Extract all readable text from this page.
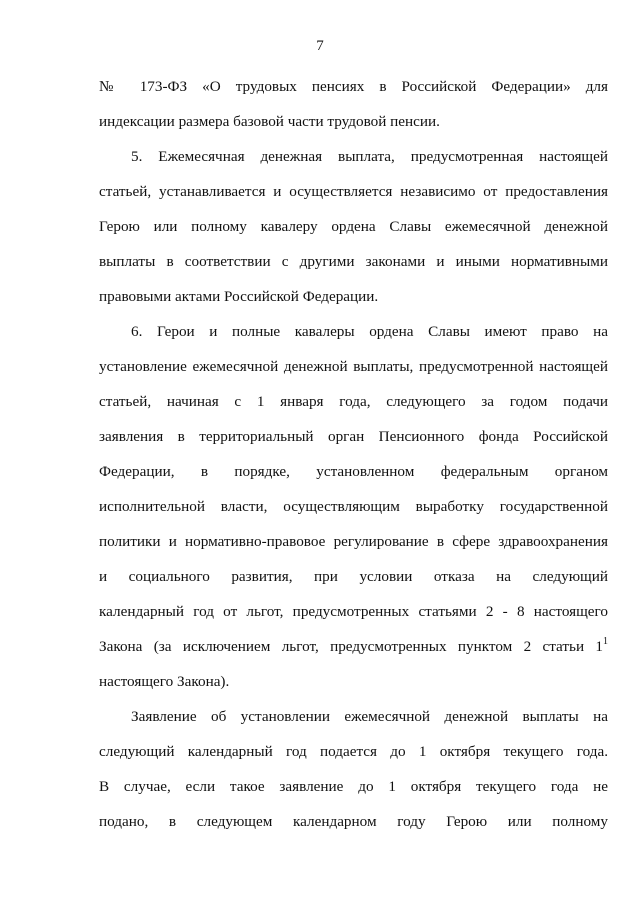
7
№ 173-ФЗ «О трудовых пенсиях в Российской Федерации» для
индексации размера базовой части трудовой пенсии.
5. Ежемесячная денежная выплата, предусмотренная настоящей
статьей, устанавливается и осуществляется независимо от предоставления
Герою или полному кавалеру ордена Славы ежемесячной денежной
выплаты в соответствии с другими законами и иными нормативными
правовыми актами Российской Федерации.
6. Герои и полные кавалеры ордена Славы имеют право на
установление ежемесячной денежной выплаты, предусмотренной настоящей
статьей, начиная с 1 января года, следующего за годом подачи
заявления в территориальный орган Пенсионного фонда Российской
Федерации, в порядке, установленном федеральным органом
исполнительной власти, осуществляющим выработку государственной
политики и нормативно-правовое регулирование в сфере здравоохранения
и социального развития, при условии отказа на следующий
календарный год от льгот, предусмотренных статьями 2 - 8 настоящего
Закона (за исключением льгот, предусмотренных пунктом 2 статьи $1^1$
настоящего Закона).
Заявление об установлении ежемесячной денежной выплаты на
следующий календарный год подается до 1 октября текущего года.
В случае, если такое заявление до 1 октября текущего года не
подано, в следующем календарном году Герою или полному
